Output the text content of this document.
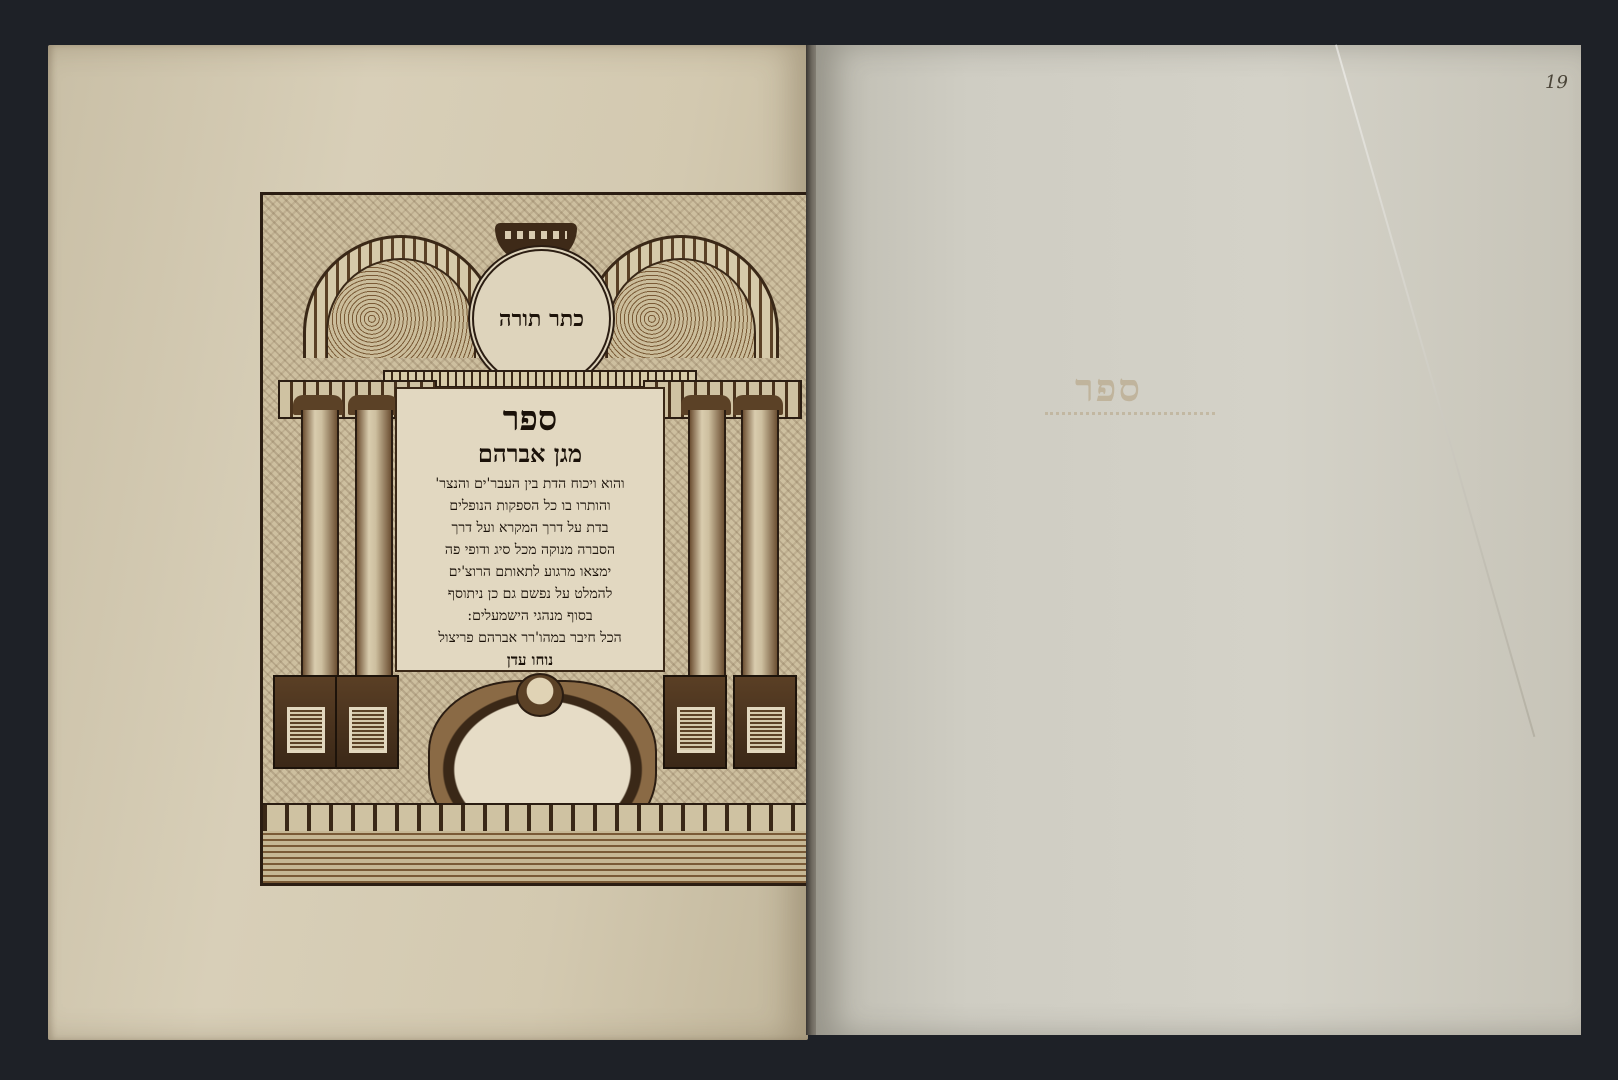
כתר תורה

ספר

מגן אברהם

והוא ויכוח הדת בין העבר'ים והנצר'

והותרו בו כל הספקות הנופלים

בדת על דרך המקרא ועל דרך

הסברה מנוקה מכל סיג ודופי פה

ימצאו מרגוע לתאותם הרוצ'ים

להמלט על נפשם גם כן ניתוסף

בסוף מנהגי הישמעלים:

הכל חיבר במהו'רר אברהם פריצול

נוחו עדן

19
ספר
